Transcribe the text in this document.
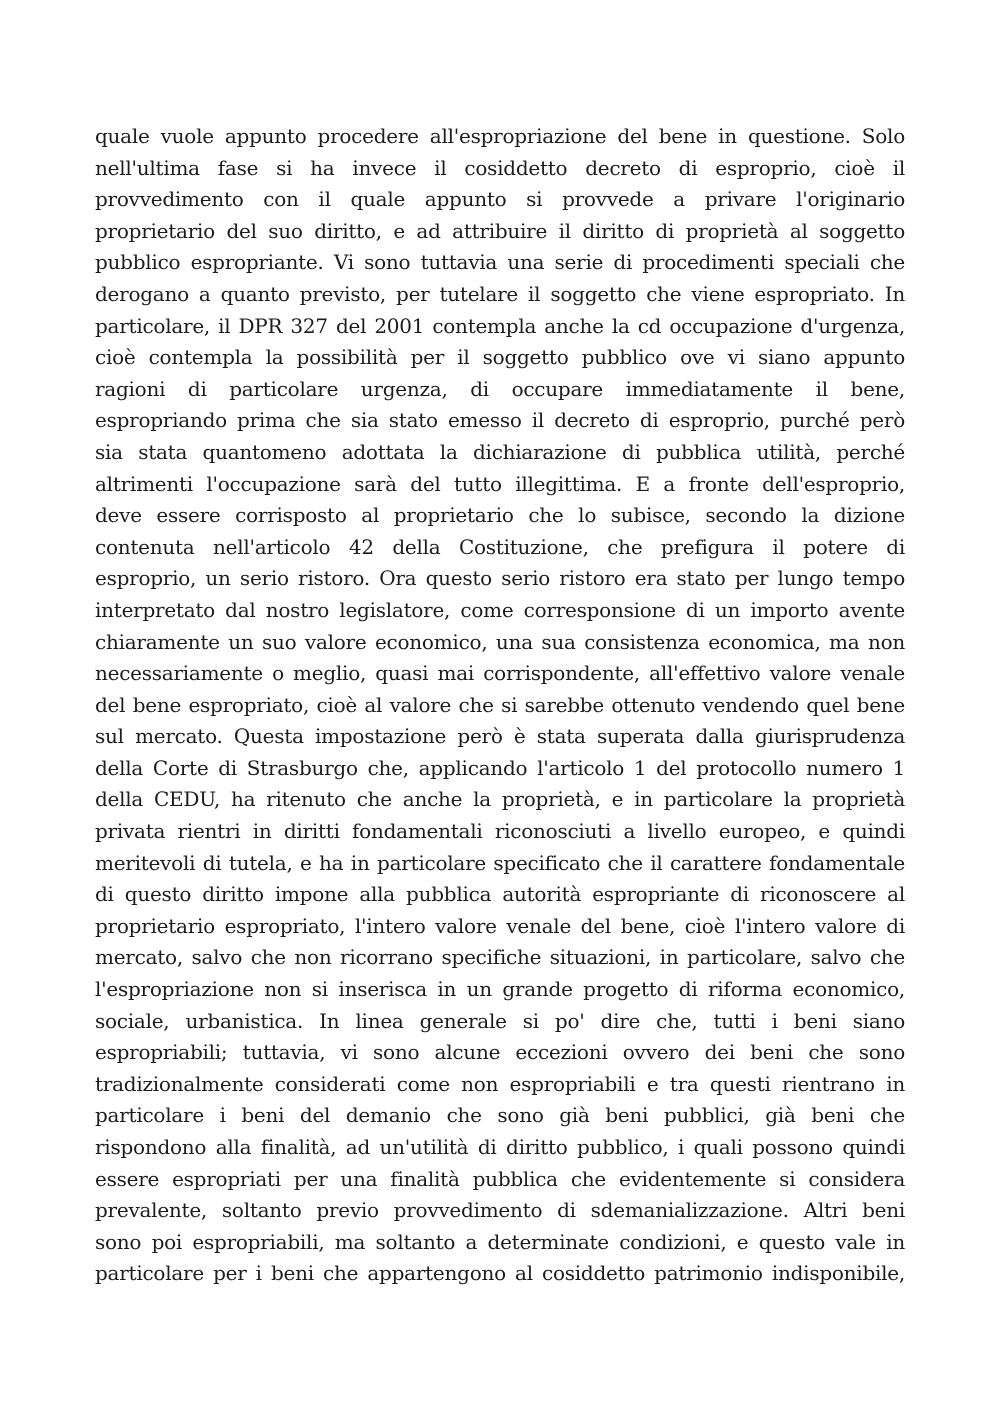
quale vuole appunto procedere all'espropriazione del bene in questione. Solo
nell'ultima fase si ha invece il cosiddetto decreto di esproprio, cioè il
provvedimento con il quale appunto si provvede a privare l'originario
proprietario del suo diritto, e ad attribuire il diritto di proprietà al soggetto
pubblico espropriante. Vi sono tuttavia una serie di procedimenti speciali che
derogano a quanto previsto, per tutelare il soggetto che viene espropriato. In
particolare, il DPR 327 del 2001 contempla anche la cd occupazione d'urgenza,
cioè contempla la possibilità per il soggetto pubblico ove vi siano appunto
ragioni di particolare urgenza, di occupare immediatamente il bene,
espropriando prima che sia stato emesso il decreto di esproprio, purché però
sia stata quantomeno adottata la dichiarazione di pubblica utilità, perché
altrimenti l'occupazione sarà del tutto illegittima. E a fronte dell'esproprio,
deve essere corrisposto al proprietario che lo subisce, secondo la dizione
contenuta nell'articolo 42 della Costituzione, che prefigura il potere di
esproprio, un serio ristoro. Ora questo serio ristoro era stato per lungo tempo
interpretato dal nostro legislatore, come corresponsione di un importo avente
chiaramente un suo valore economico, una sua consistenza economica, ma non
necessariamente o meglio, quasi mai corrispondente, all'effettivo valore venale
del bene espropriato, cioè al valore che si sarebbe ottenuto vendendo quel bene
sul mercato. Questa impostazione però è stata superata dalla giurisprudenza
della Corte di Strasburgo che, applicando l'articolo 1 del protocollo numero 1
della CEDU, ha ritenuto che anche la proprietà, e in particolare la proprietà
privata rientri in diritti fondamentali riconosciuti a livello europeo, e quindi
meritevoli di tutela, e ha in particolare specificato che il carattere fondamentale
di questo diritto impone alla pubblica autorità espropriante di riconoscere al
proprietario espropriato, l'intero valore venale del bene, cioè l'intero valore di
mercato, salvo che non ricorrano specifiche situazioni, in particolare, salvo che
l'espropriazione non si inserisca in un grande progetto di riforma economico,
sociale, urbanistica. In linea generale si po' dire che, tutti i beni siano
espropriabili; tuttavia, vi sono alcune eccezioni ovvero dei beni che sono
tradizionalmente considerati come non espropriabili e tra questi rientrano in
particolare i beni del demanio che sono già beni pubblici, già beni che
rispondono alla finalità, ad un'utilità di diritto pubblico, i quali possono quindi
essere espropriati per una finalità pubblica che evidentemente si considera
prevalente, soltanto previo provvedimento di sdemanializzazione. Altri beni
sono poi espropriabili, ma soltanto a determinate condizioni, e questo vale in
particolare per i beni che appartengono al cosiddetto patrimonio indisponibile,
